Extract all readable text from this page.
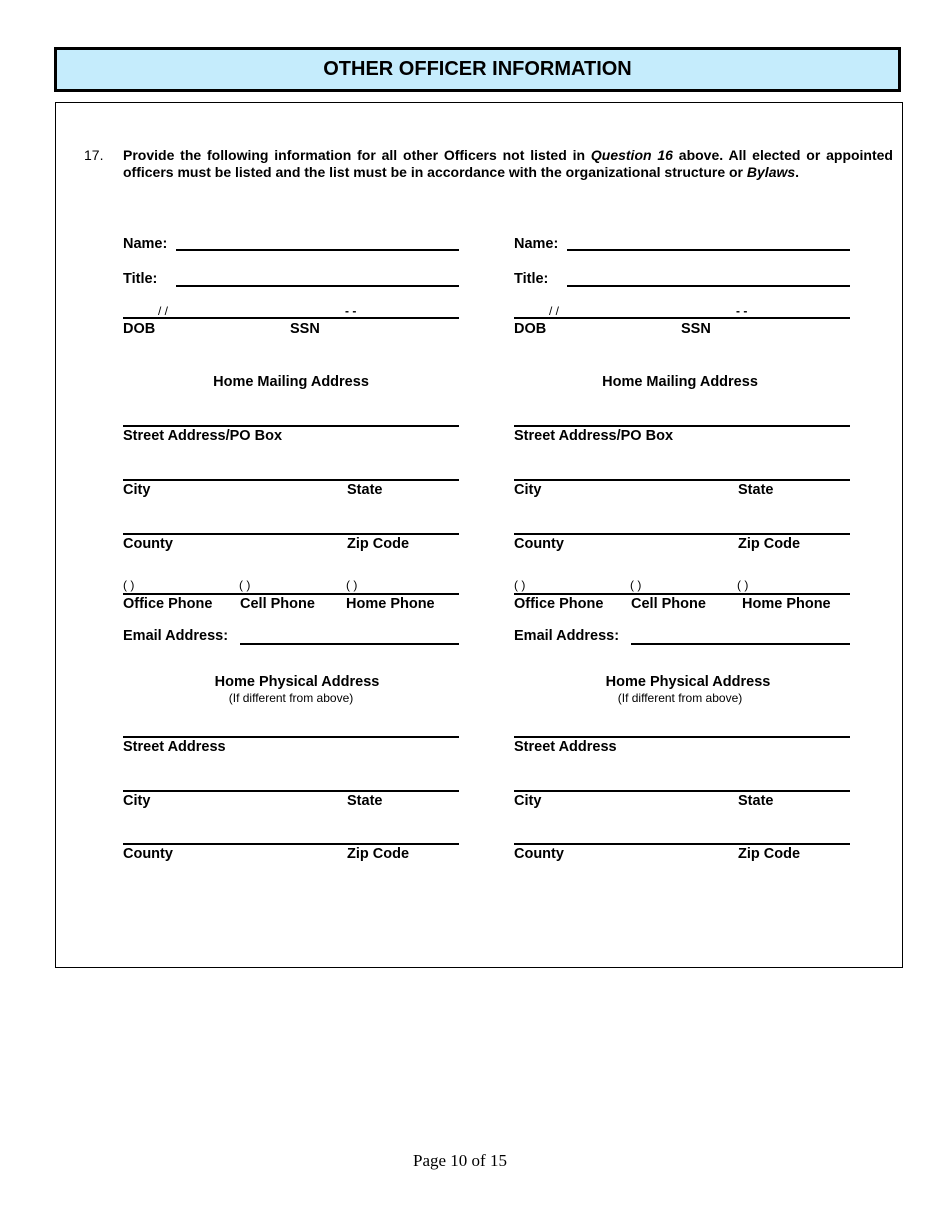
OTHER OFFICER INFORMATION
17. Provide the following information for all other Officers not listed in Question 16 above. All elected or appointed officers must be listed and the list must be in accordance with the organizational structure or Bylaws.
Name:
Title:
/ /	- -
DOB	SSN
Home Mailing Address
Street Address/PO Box
City	State
County	Zip Code
( )	( )	( )
Office Phone Cell Phone Home Phone
Email Address:
Home Physical Address
(If different from above)
Street Address
City	State
County	Zip Code
Name:
Title:
/ /	- -
DOB	SSN
Home Mailing Address
Street Address/PO Box
City	State
County	Zip Code
( )	( )	( )
Office Phone Cell Phone Home Phone
Email Address:
Home Physical Address
(If different from above)
Street Address
City	State
County	Zip Code
Page 10 of 15
